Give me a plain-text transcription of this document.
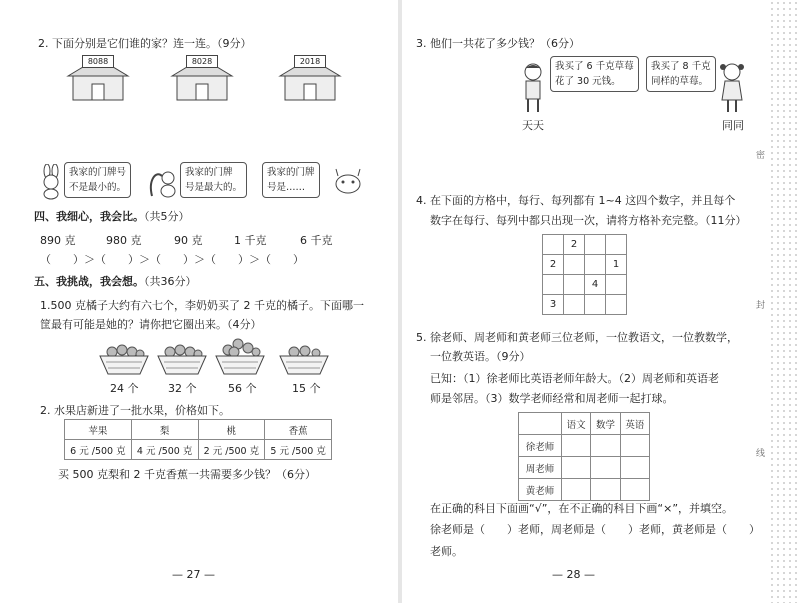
2. 下面分别是它们谁的家？连一连。（9分）
8088	8028	2018
我家的门牌号
不是最小的。
我家的门牌
号是最大的。
我家的门牌
号是……
四、我细心，我会比。（共5分）
890 克	980 克	90 克	1 千克	6 千克
（　　）＞（　　）＞（　　）＞（　　）＞（　　）
五、我挑战，我会想。（共36分）
1.500 克橘子大约有六七个，李奶奶买了 2 千克的橘子。下面哪一
筐最有可能是她的？请你把它圈出来。（4分）
24 个	32 个	56 个	15 个
2. 水果店新进了一批水果，价格如下。
苹果	梨	桃	香蕉
6 元 /500 克	4 元 /500 克	2 元 /500 克	5 元 /500 克
买 500 克梨和 2 千克香蕉一共需要多少钱？（6分）
— 27 —
3. 他们一共花了多少钱？（6分）
我买了 6 千克草莓
花了 30 元钱。
我买了 8 千克
同样的草莓。
天天	同同
4. 在下面的方格中，每行、每列都有 1~4 这四个数字，并且每个
数字在每行、每列中都只出现一次，请将方格补充完整。（11分）
	2		
2			1
		4	
3			
5. 徐老师、周老师和黄老师三位老师，一位教语文，一位教数学，
一位教英语。（9分）
已知：（1）徐老师比英语老师年龄大。（2）周老师和英语老
师是邻居。（3）数学老师经常和周老师一起打球。
	语文	数学	英语
徐老师			
周老师			
黄老师			
在正确的科目下面画“√”，在不正确的科目下画“×”，并填空。
徐老师是（　　）老师，周老师是（　　）老师，黄老师是（　　）
老师。
密
封
线
— 28 —
